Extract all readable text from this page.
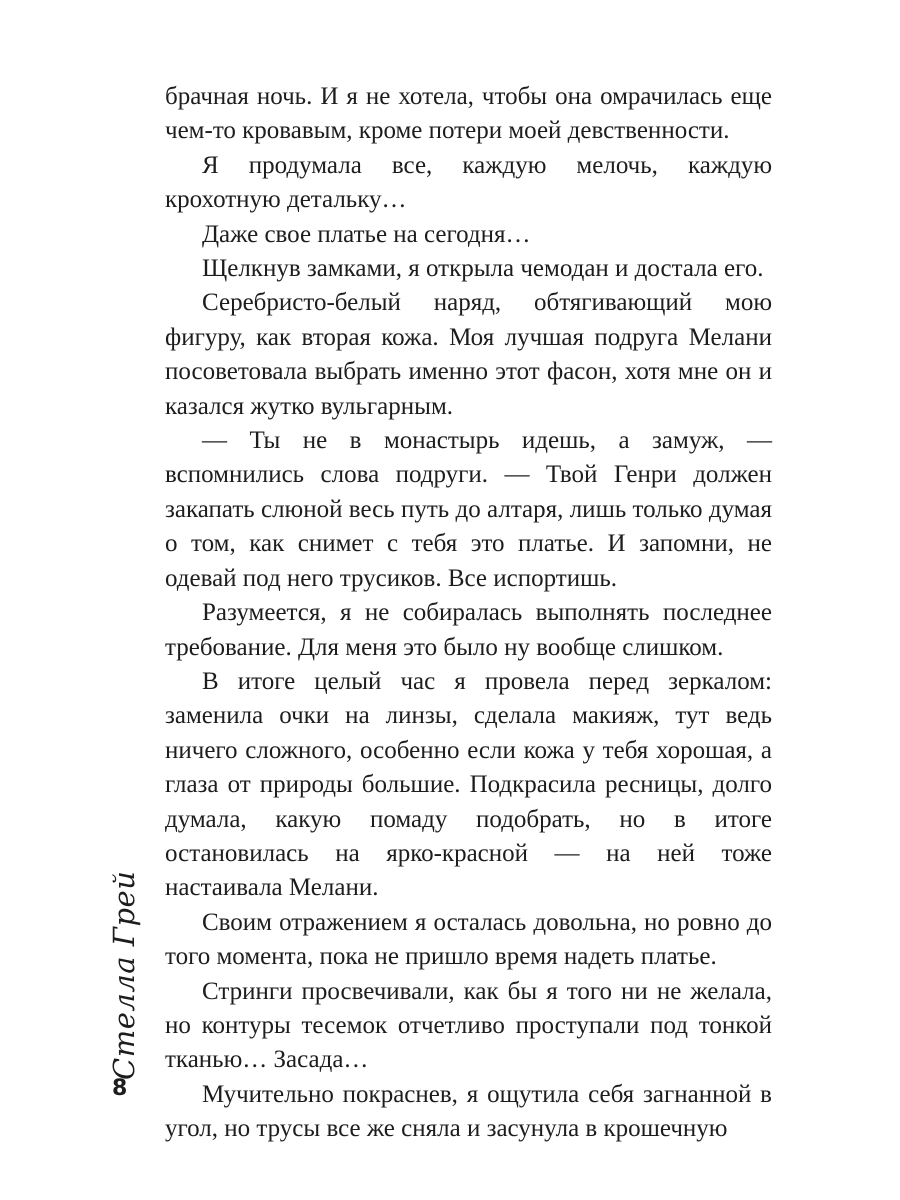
брачная ночь. И я не хотела, чтобы она омрачилась еще чем-то кровавым, кроме потери моей девственности.

Я продумала все, каждую мелочь, каждую крохотную детальку…

Даже свое платье на сегодня…

Щелкнув замками, я открыла чемодан и достала его.

Серебристо-белый наряд, обтягивающий мою фигуру, как вторая кожа. Моя лучшая подруга Мелани посоветовала выбрать именно этот фасон, хотя мне он и казался жутко вульгарным.

— Ты не в монастырь идешь, а замуж, — вспомнились слова подруги. — Твой Генри должен закапать слюной весь путь до алтаря, лишь только думая о том, как снимет с тебя это платье. И запомни, не одевай под него трусиков. Все испортишь.

Разумеется, я не собиралась выполнять последнее требование. Для меня это было ну вообще слишком.

В итоге целый час я провела перед зеркалом: заменила очки на линзы, сделала макияж, тут ведь ничего сложного, особенно если кожа у тебя хорошая, а глаза от природы большие. Подкрасила ресницы, долго думала, какую помаду подобрать, но в итоге остановилась на ярко-красной — на ней тоже настаивала Мелани.

Своим отражением я осталась довольна, но ровно до того момента, пока не пришло время надеть платье.

Стринги просвечивали, как бы я того ни не желала, но контуры тесемок отчетливо проступали под тонкой тканью… Засада…

Мучительно покраснев, я ощутила себя загнанной в угол, но трусы все же сняла и засунула в крошечную

Стелла Грей
8
